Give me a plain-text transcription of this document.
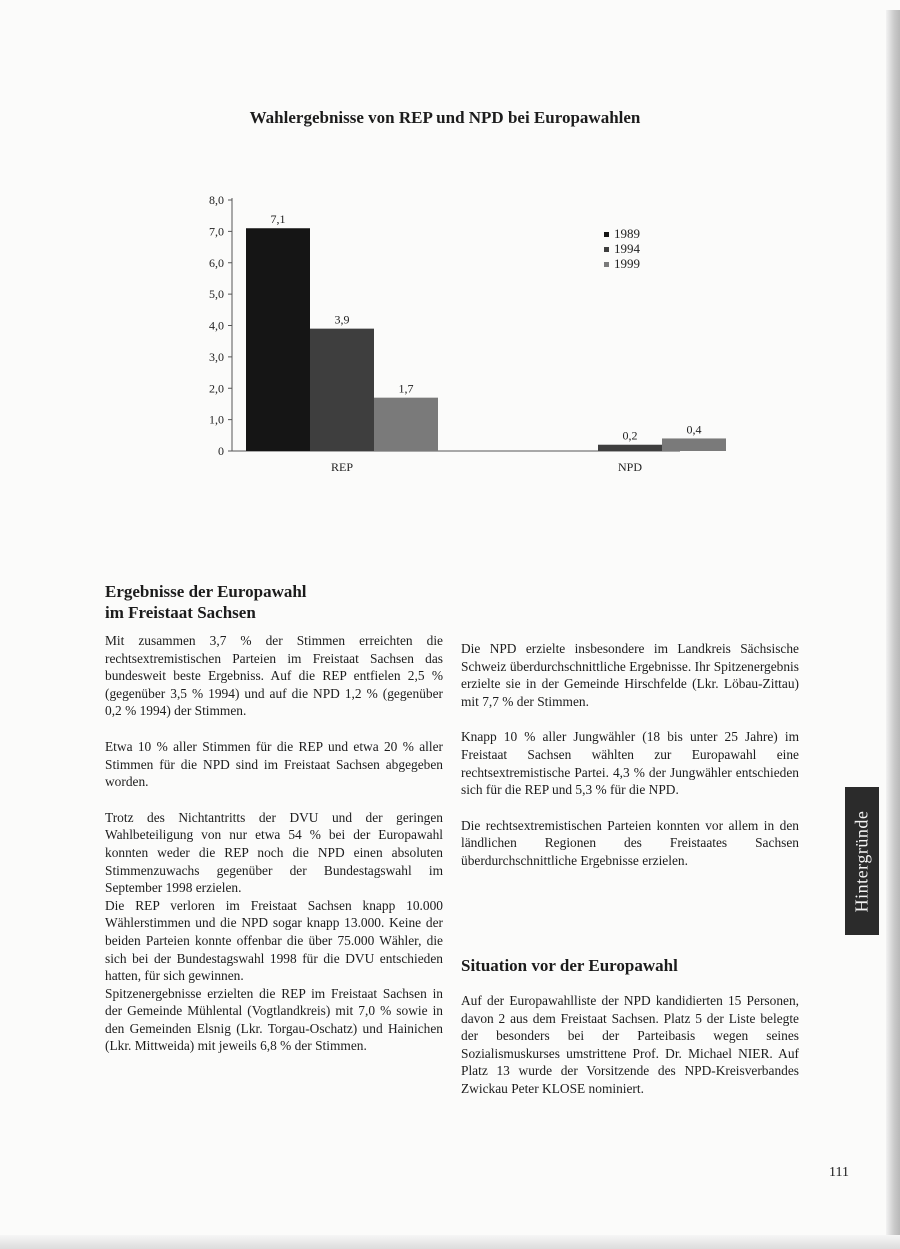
Wahlergebnisse von REP und NPD bei Europawahlen
0
1,0
2,0
3,0
4,0
5,0
6,0
7,0
8,0
7,1
3,9
0,2
1,7
0,4
REP	NPD
1989
1994
1999
Ergebnisse der Europawahl
im Freistaat Sachsen

Mit zusammen 3,7 % der Stimmen erreichten die rechtsextremistischen Parteien im Freistaat Sachsen das bundesweit beste Ergebniss. Auf die REP entfielen 2,5 % (gegenüber 3,5 % 1994) und auf die NPD 1,2 % (gegenüber 0,2 % 1994) der Stimmen.

Etwa 10 % aller Stimmen für die REP und etwa 20 % aller Stimmen für die NPD sind im Freistaat Sachsen abgegeben worden.

Trotz des Nichtantritts der DVU und der geringen Wahlbeteiligung von nur etwa 54 % bei der Europawahl konnten weder die REP noch die NPD einen absoluten Stimmenzuwachs gegenüber der Bundestagswahl im September 1998 erzielen.

Die REP verloren im Freistaat Sachsen knapp 10.000 Wählerstimmen und die NPD sogar knapp 13.000. Keine der beiden Parteien konnte offenbar die über 75.000 Wähler, die sich bei der Bundestagswahl 1998 für die DVU entschieden hatten, für sich gewinnen.

Spitzenergebnisse erzielten die REP im Freistaat Sachsen in der Gemeinde Mühlental (Vogtlandkreis) mit 7,0 % sowie in den Gemeinden Elsnig (Lkr. Torgau-Oschatz) und Hainichen (Lkr. Mittweida) mit jeweils 6,8 % der Stimmen.

Die NPD erzielte insbesondere im Landkreis Sächsische Schweiz überdurchschnittliche Ergebnisse. Ihr Spitzenergebnis erzielte sie in der Gemeinde Hirschfelde (Lkr. Löbau-Zittau) mit 7,7 % der Stimmen.

Knapp 10 % aller Jungwähler (18 bis unter 25 Jahre) im Freistaat Sachsen wählten zur Europawahl eine rechtsextremistische Partei. 4,3 % der Jungwähler entschieden sich für die REP und 5,3 % für die NPD.

Die rechtsextremistischen Parteien konnten vor allem in den ländlichen Regionen des Freistaates Sachsen überdurchschnittliche Ergebnisse erzielen.

Situation vor der Europawahl

Auf der Europawahlliste der NPD kandidierten 15 Personen, davon 2 aus dem Freistaat Sachsen. Platz 5 der Liste belegte der besonders bei der Parteibasis wegen seines Sozialismuskurses umstrittene Prof. Dr. Michael NIER. Auf Platz 13 wurde der Vorsitzende des NPD-Kreisverbandes Zwickau Peter KLOSE nominiert.

Hintergründe
111
